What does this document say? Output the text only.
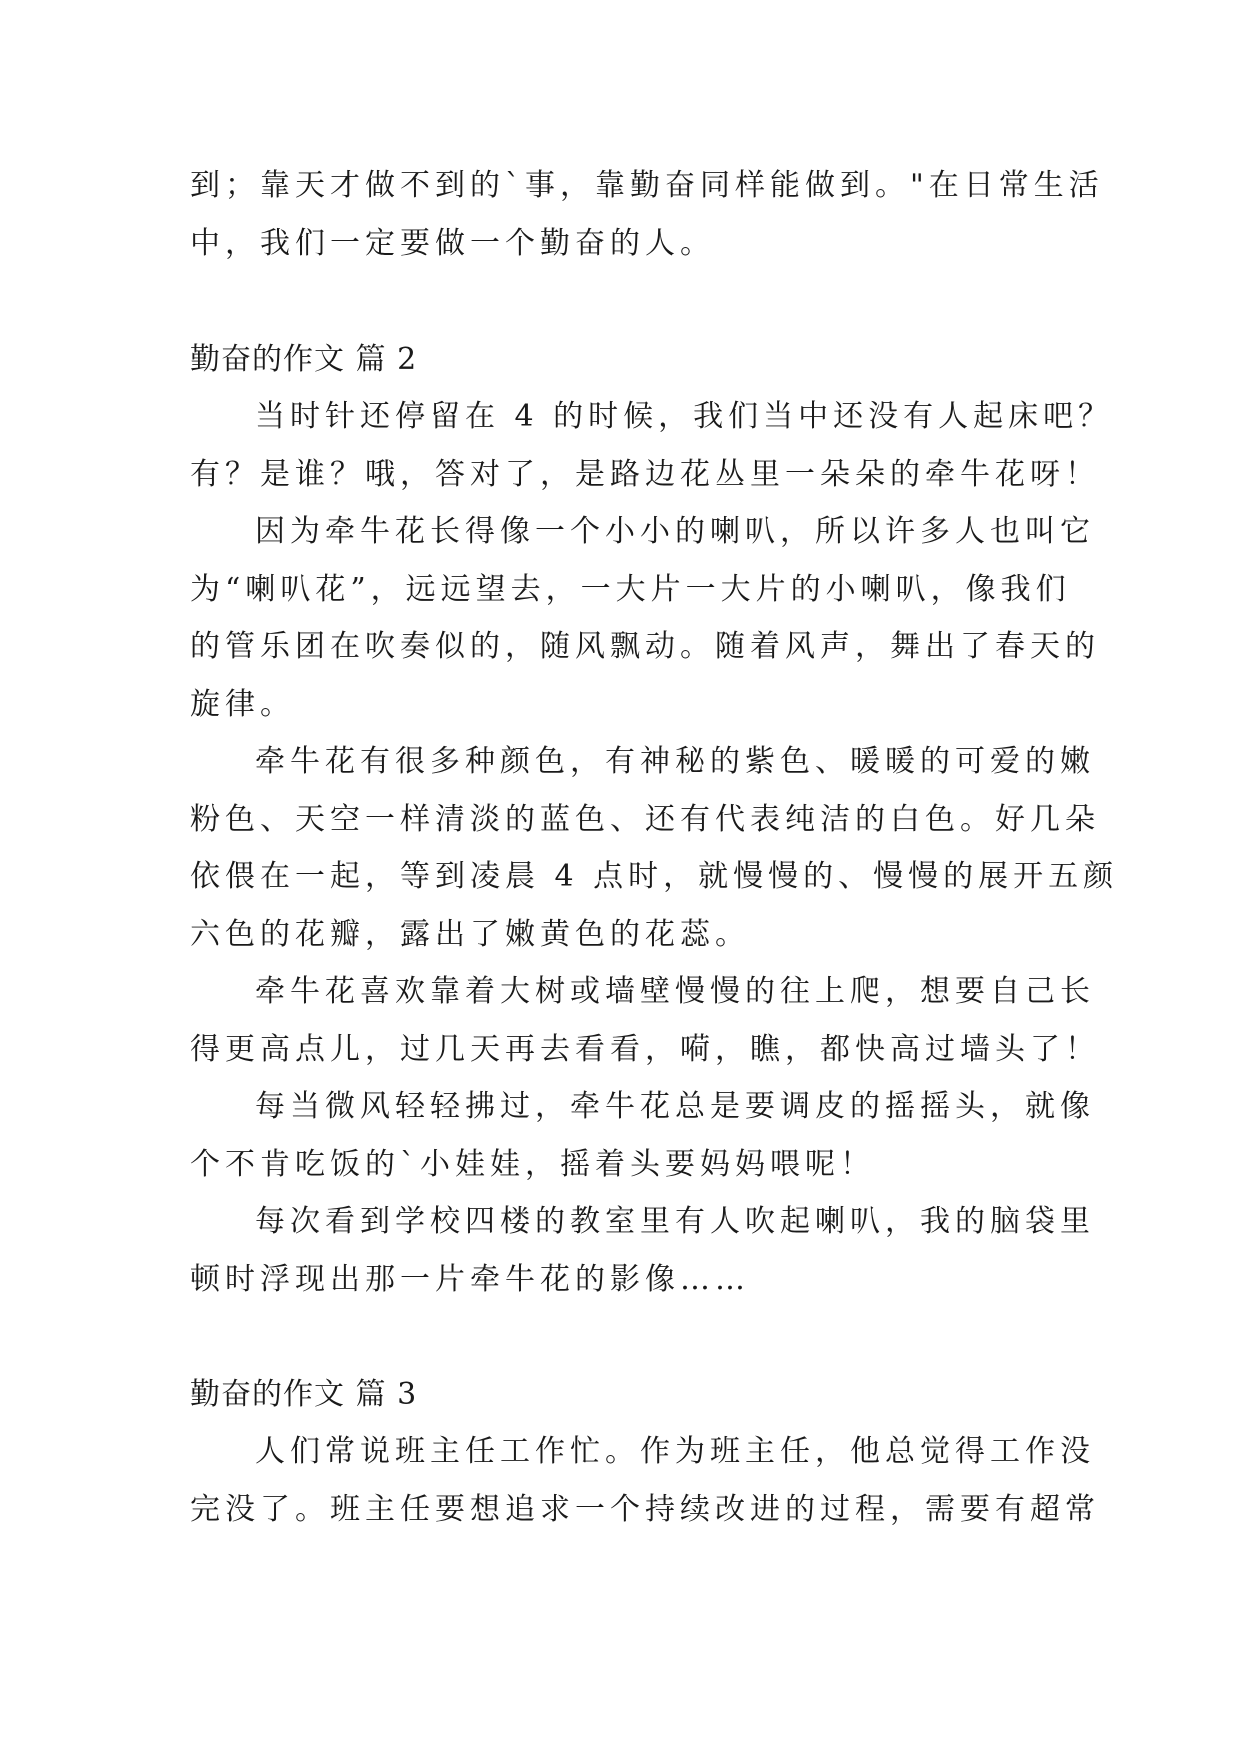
到；靠天才做不到的`事，靠勤奋同样能做到。"在日常生活
中，我们一定要做一个勤奋的人。
勤奋的作文 篇 2
当时针还停留在 4 的时候，我们当中还没有人起床吧？
有？是谁？哦，答对了，是路边花丛里一朵朵的牵牛花呀！
因为牵牛花长得像一个小小的喇叭，所以许多人也叫它
为“喇叭花”，远远望去，一大片一大片的小喇叭，像我们
的管乐团在吹奏似的，随风飘动。随着风声，舞出了春天的
旋律。
牵牛花有很多种颜色，有神秘的紫色、暖暖的可爱的嫩
粉色、天空一样清淡的蓝色、还有代表纯洁的白色。好几朵
依偎在一起，等到凌晨 4 点时，就慢慢的、慢慢的展开五颜
六色的花瓣，露出了嫩黄色的花蕊。
牵牛花喜欢靠着大树或墙壁慢慢的往上爬，想要自己长
得更高点儿，过几天再去看看，嗬，瞧，都快高过墙头了！
每当微风轻轻拂过，牵牛花总是要调皮的摇摇头，就像
个不肯吃饭的`小娃娃，摇着头要妈妈喂呢！
每次看到学校四楼的教室里有人吹起喇叭，我的脑袋里
顿时浮现出那一片牵牛花的影像……
勤奋的作文 篇 3
人们常说班主任工作忙。作为班主任，他总觉得工作没
完没了。班主任要想追求一个持续改进的过程，需要有超常
